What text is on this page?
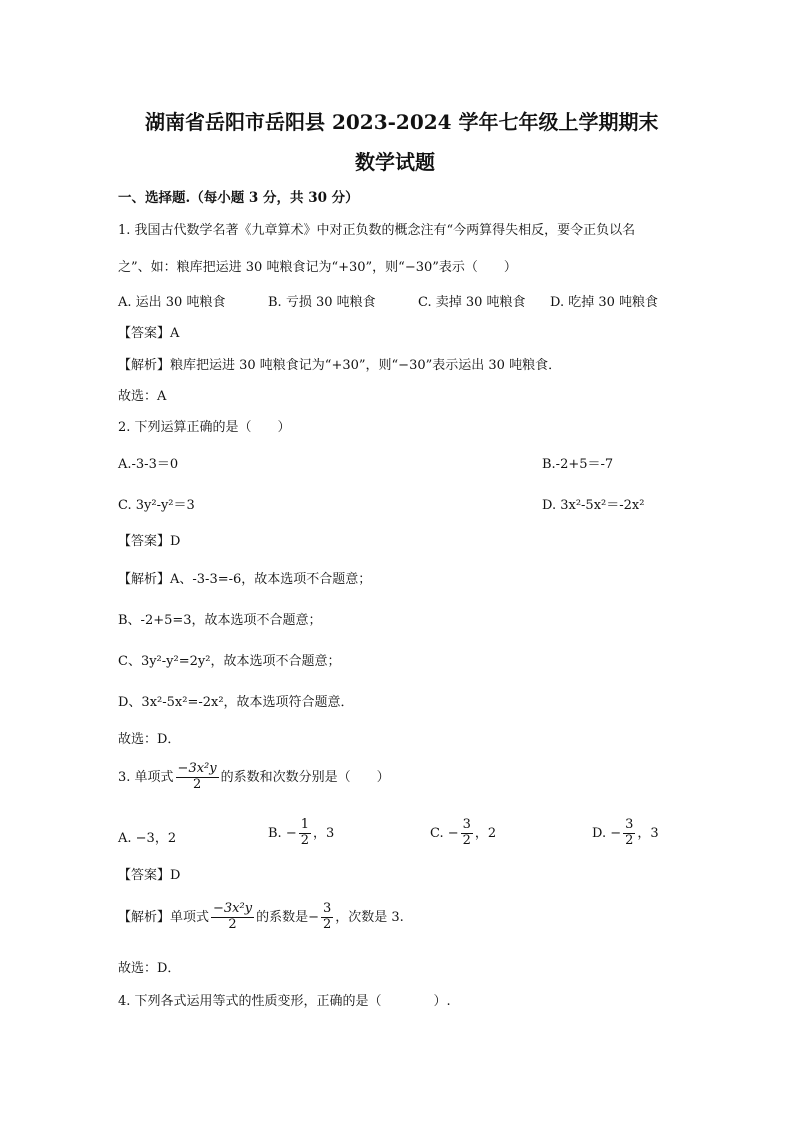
湖南省岳阳市岳阳县 2023-2024 学年七年级上学期期末
数学试题
一、选择题.（每小题 3 分，共 30 分）
1. 我国古代数学名著《九章算术》中对正负数的概念注有“今两算得失相反，要令正负以名
之”、如：粮库把运进 30 吨粮食记为“+30”，则“−30”表示（　　）
A. 运出 30 吨粮食	B. 亏损 30 吨粮食	C. 卖掉 30 吨粮食 D. 吃掉 30 吨粮食
【答案】A
【解析】粮库把运进 30 吨粮食记为“+30”，则“−30”表示运出 30 吨粮食．
故选：A
2. 下列运算正确的是（　　）
A.-3-3＝0	B.-2+5＝-7
C. 3y²-y²＝3	D. 3x²-5x²＝-2x²
【答案】D
【解析】A、-3-3=-6，故本选项不合题意；
B、-2+5=3，故本选项不合题意；
C、3y²-y²=2y²，故本选项不合题意；
D、3x²-5x²=-2x²，故本选项符合题意．
故选：D．
3. 单项式 $\frac{\text{−3x²y}}{2}$ 的系数和次数分别是（　　）
A. −3，2	B. − $\frac{1}{2}$ ，3	C. − $\frac{3}{2}$ ，2	D. − $\frac{3}{2}$ ，3
【答案】D
【解析】单项式 $\frac{\text{−3x²y}}{2}$ 的系数是− $\frac{3}{2}$ ，次数是 3.
故选：D．
4. 下列各式运用等式的性质变形，正确的是（　　　　）.
